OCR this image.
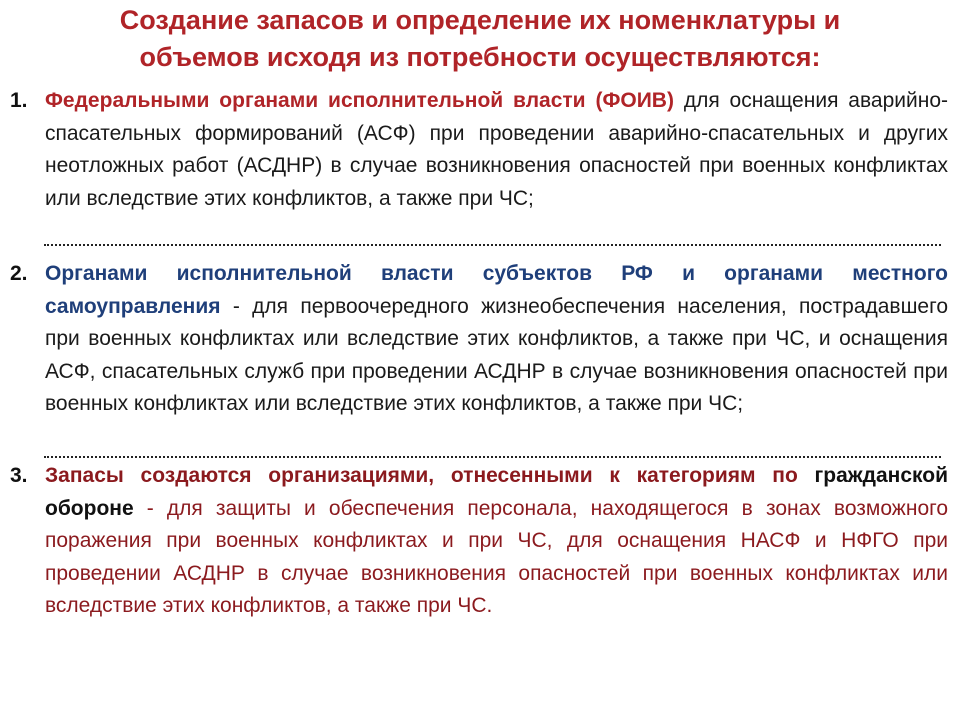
Создание запасов и определение их номенклатуры и
объемов исходя из потребности осуществляются:
1. Федеральными органами исполнительной власти (ФОИВ) для оснащения аварийно-спасательных формирований (АСФ) при проведении аварийно-спасательных и других неотложных работ (АСДНР) в случае возникновения опасностей при военных конфликтах или вследствие этих конфликтов, а также при ЧС;
2. Органами исполнительной власти субъектов РФ и органами местного самоуправления - для первоочередного жизнеобеспечения населения, пострадавшего при военных конфликтах или вследствие этих конфликтов, а также при ЧС, и оснащения АСФ, спасательных служб при проведении АСДНР в случае возникновения опасностей при военных конфликтах или вследствие этих конфликтов, а также при ЧС;
3. Запасы создаются организациями, отнесенными к категориям по гражданской обороне - для защиты и обеспечения персонала, находящегося в зонах возможного поражения при военных конфликтах и при ЧС, для оснащения НАСФ и НФГО при проведении АСДНР в случае возникновения опасностей при военных конфликтах или вследствие этих конфликтов, а также при ЧС.
